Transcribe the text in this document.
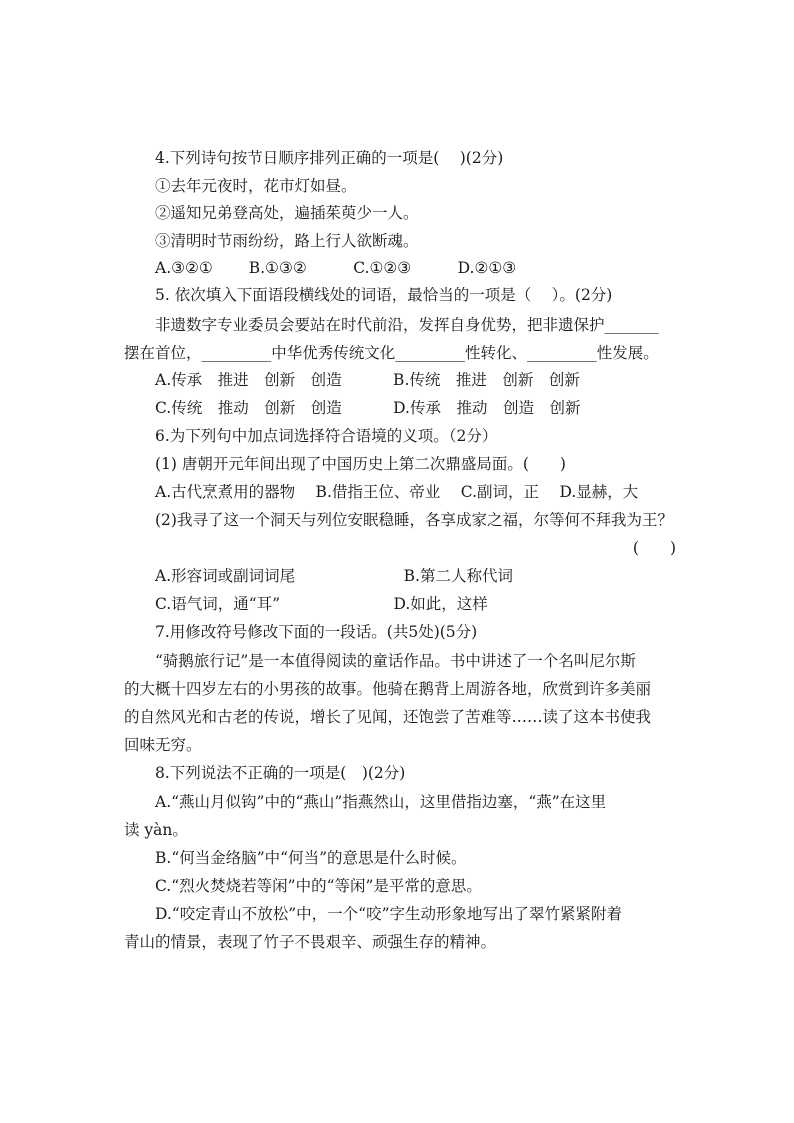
4.下列诗句按节日顺序排列正确的一项是(　 )(2分)
①去年元夜时，花市灯如昼。
②遥知兄弟登高处，遍插茱萸少一人。
③清明时节雨纷纷，路上行人欲断魂。
A.③②①　　 B.①③②　　　C.①②③　　　D.②①③
5. 依次填入下面语段横线处的词语，最恰当的一项是（　 ）。(2分)
非遗数字专业委员会要站在时代前沿，发挥自身优势，把非遗保护_______
摆在首位，_________中华优秀传统文化_________性转化、_________性发展。
A.传承　推进　创新　创造　　　 B.传统　推进　创新　创新
C.传统　推动　创新　创造　　　 D.传承　推动　创造　创新
6.为下列句中加点词选择符合语境的义项。（2分）
(1) 唐朝开元年间出现了中国历史上第二次鼎盛局面。(　　)
A.古代烹煮用的器物　 B.借指王位、帝业　 C.副词，正　 D.显赫，大
(2)我寻了这一个洞天与列位安眠稳睡，各享成家之福，尔等何不拜我为王？
(　　)
A.形容词或副词词尾　　　　　　　B.第二人称代词
C.语气词，通“耳”　　　　　　　 D.如此，这样
7.用修改符号修改下面的一段话。(共5处)(5分)
“骑鹅旅行记”是一本值得阅读的童话作品。书中讲述了一个名叫尼尔斯
的大概十四岁左右的小男孩的故事。他骑在鹅背上周游各地，欣赏到许多美丽
的自然风光和古老的传说，增长了见闻，还饱尝了苦难等……读了这本书使我
回味无穷。
8.下列说法不正确的一项是(　)(2分)
A.“燕山月似钩”中的“燕山”指燕然山，这里借指边塞，“燕”在这里
读 yàn。
B.“何当金络脑”中“何当”的意思是什么时候。
C.“烈火焚烧若等闲”中的“等闲”是平常的意思。
D.“咬定青山不放松”中，一个“咬”字生动形象地写出了翠竹紧紧附着
青山的情景，表现了竹子不畏艰辛、顽强生存的精神。
